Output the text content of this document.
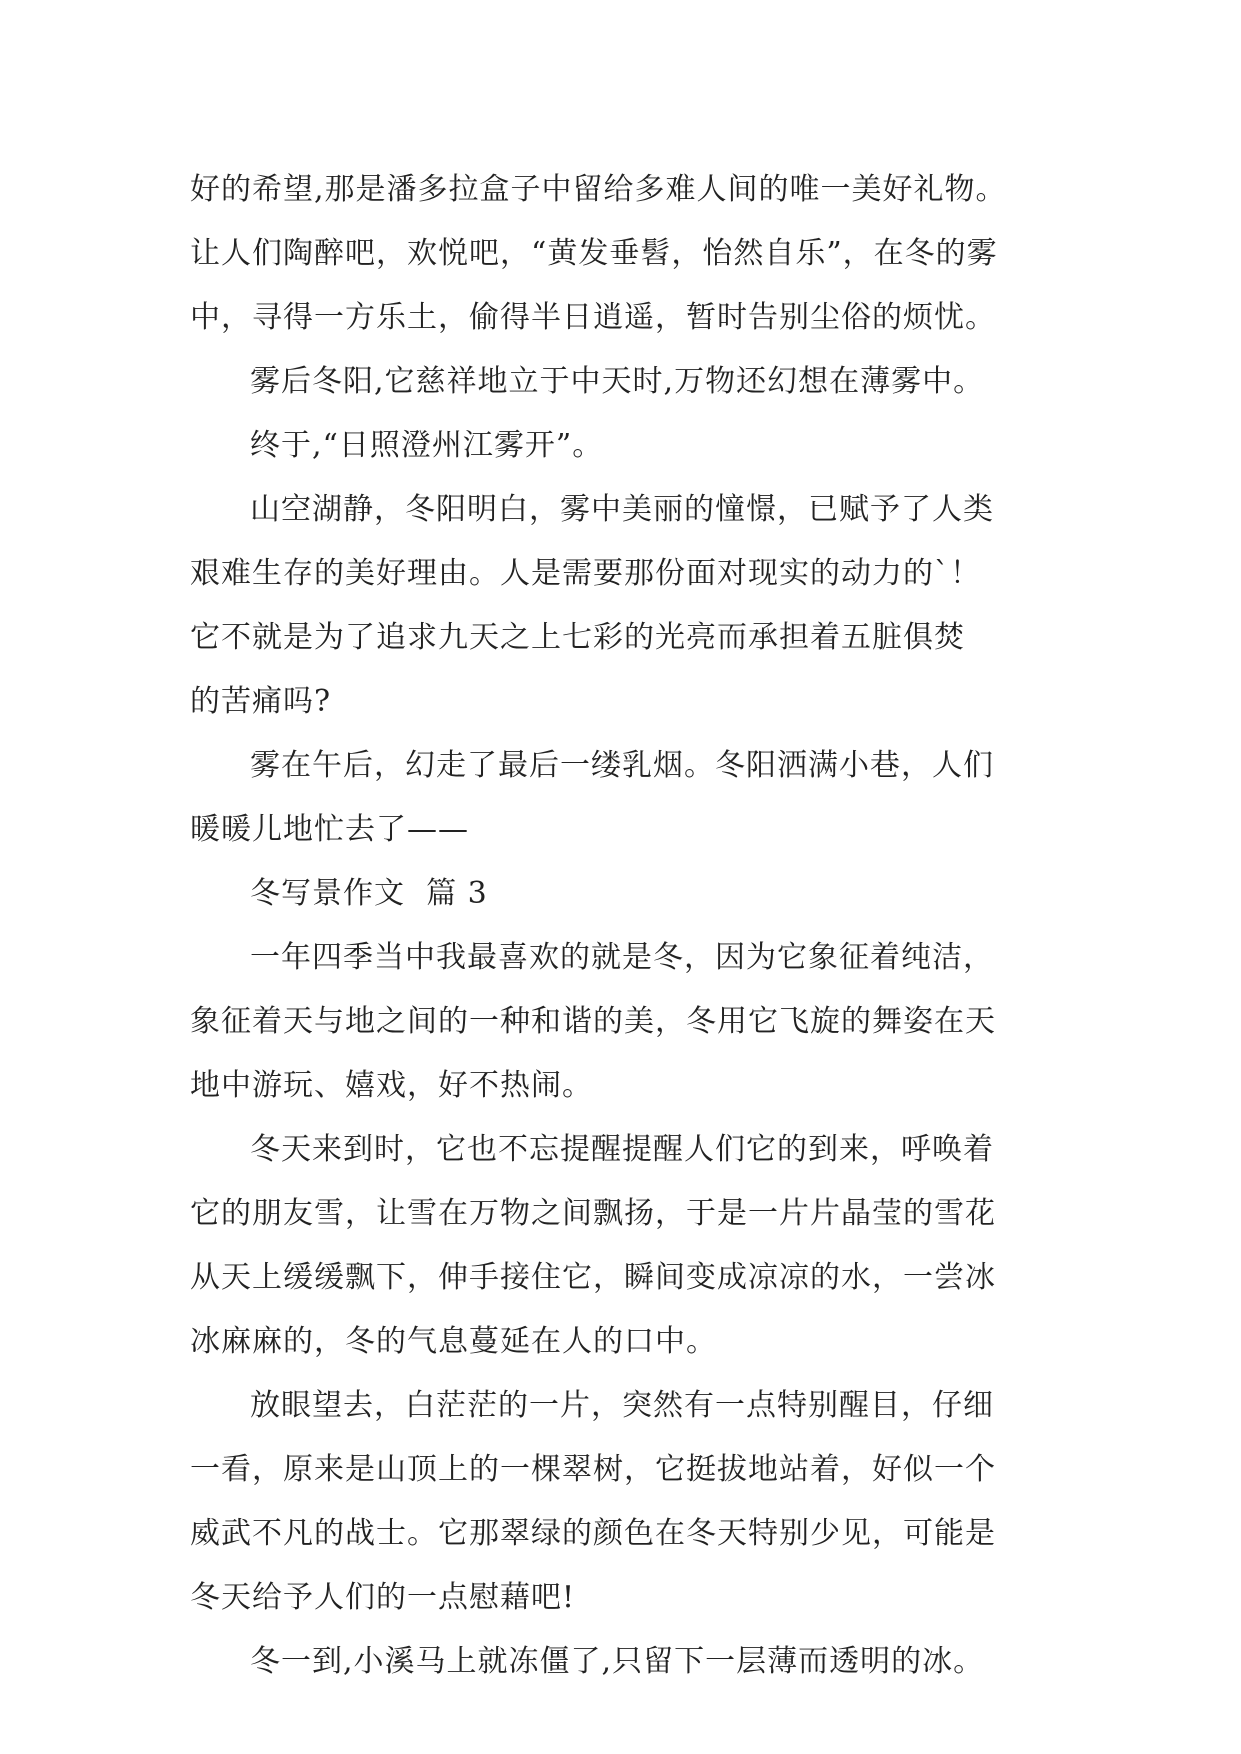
好的希望,那是潘多拉盒子中留给多难人间的唯一美好礼物。
让人们陶醉吧，欢悦吧，“黄发垂髫，怡然自乐”，在冬的雾
中，寻得一方乐土，偷得半日逍遥，暂时告别尘俗的烦忧。

雾后冬阳,它慈祥地立于中天时,万物还幻想在薄雾中。

终于,“日照澄州江雾开”。

山空湖静，冬阳明白，雾中美丽的憧憬，已赋予了人类
艰难生存的美好理由。人是需要那份面对现实的动力的`！
它不就是为了追求九天之上七彩的光亮而承担着五脏俱焚
的苦痛吗?

雾在午后，幻走了最后一缕乳烟。冬阳洒满小巷，人们
暖暖儿地忙去了——

冬写景作文  篇 3

一年四季当中我最喜欢的就是冬，因为它象征着纯洁，
象征着天与地之间的一种和谐的美，冬用它飞旋的舞姿在天
地中游玩、嬉戏，好不热闹。

冬天来到时，它也不忘提醒提醒人们它的到来，呼唤着
它的朋友雪，让雪在万物之间飘扬，于是一片片晶莹的雪花
从天上缓缓飘下，伸手接住它，瞬间变成凉凉的水，一尝冰
冰麻麻的，冬的气息蔓延在人的口中。

放眼望去，白茫茫的一片，突然有一点特别醒目，仔细
一看，原来是山顶上的一棵翠树，它挺拔地站着，好似一个
威武不凡的战士。它那翠绿的颜色在冬天特别少见，可能是
冬天给予人们的一点慰藉吧!

冬一到,小溪马上就冻僵了,只留下一层薄而透明的冰。
